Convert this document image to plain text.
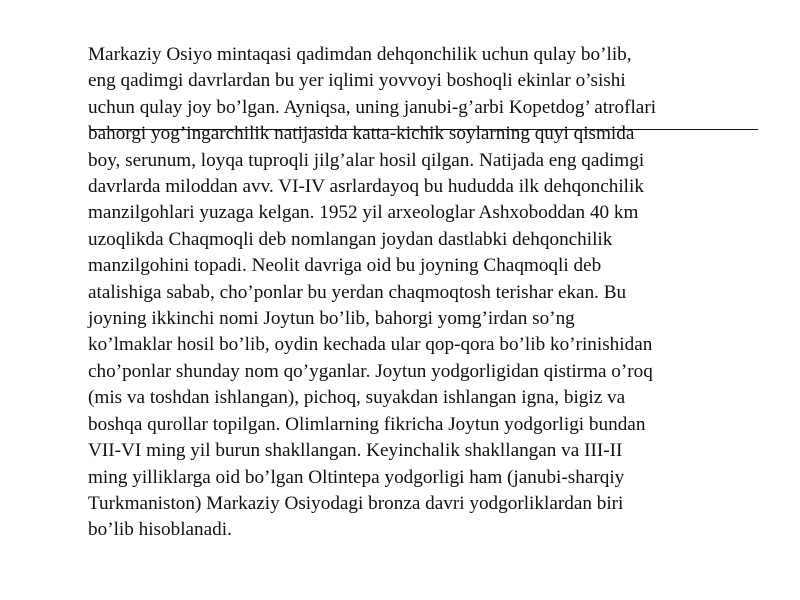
Markaziy Osiyo mintaqasi qadimdan dehqonchilik uchun qulay bo’lib,
eng qadimgi davrlardan bu yer iqlimi yovvoyi boshoqli ekinlar o’sishi
uchun qulay joy bo’lgan. Ayniqsa, uning janubi-g’arbi Kopetdog’ atroflari
bahorgi yog’ingarchilik natijasida katta-kichik soylarning quyi qismida
boy, serunum, loyqa tuproqli jilg’alar hosil qilgan. Natijada eng qadimgi
davrlarda miloddan avv. VI-IV asrlardayoq bu hududda ilk dehqonchilik
manzilgohlari yuzaga kelgan. 1952 yil arxeologlar Ashxoboddan 40 km
uzoqlikda Chaqmoqli deb nomlangan joydan dastlabki dehqonchilik
manzilgohini topadi. Neolit davriga oid bu joyning Chaqmoqli deb
atalishiga sabab, cho’ponlar bu yerdan chaqmoqtosh terishar ekan. Bu
joyning ikkinchi nomi Joytun bo’lib, bahorgi yomg’irdan so’ng
ko’lmaklar hosil bo’lib, oydin kechada ular qop-qora bo’lib ko’rinishidan
cho’ponlar shunday nom qo’yganlar. Joytun yodgorligidan qistirma o’roq
(mis va toshdan ishlangan), pichoq, suyakdan ishlangan igna, bigiz va
boshqa qurollar topilgan. Olimlarning fikricha Joytun yodgorligi bundan
VII-VI ming yil burun shakllangan. Keyinchalik shakllangan va III-II
ming yilliklarga oid bo’lgan Oltintepa yodgorligi ham (janubi-sharqiy
Turkmaniston) Markaziy Osiyodagi bronza davri yodgorliklardan biri
bo’lib hisoblanadi.
